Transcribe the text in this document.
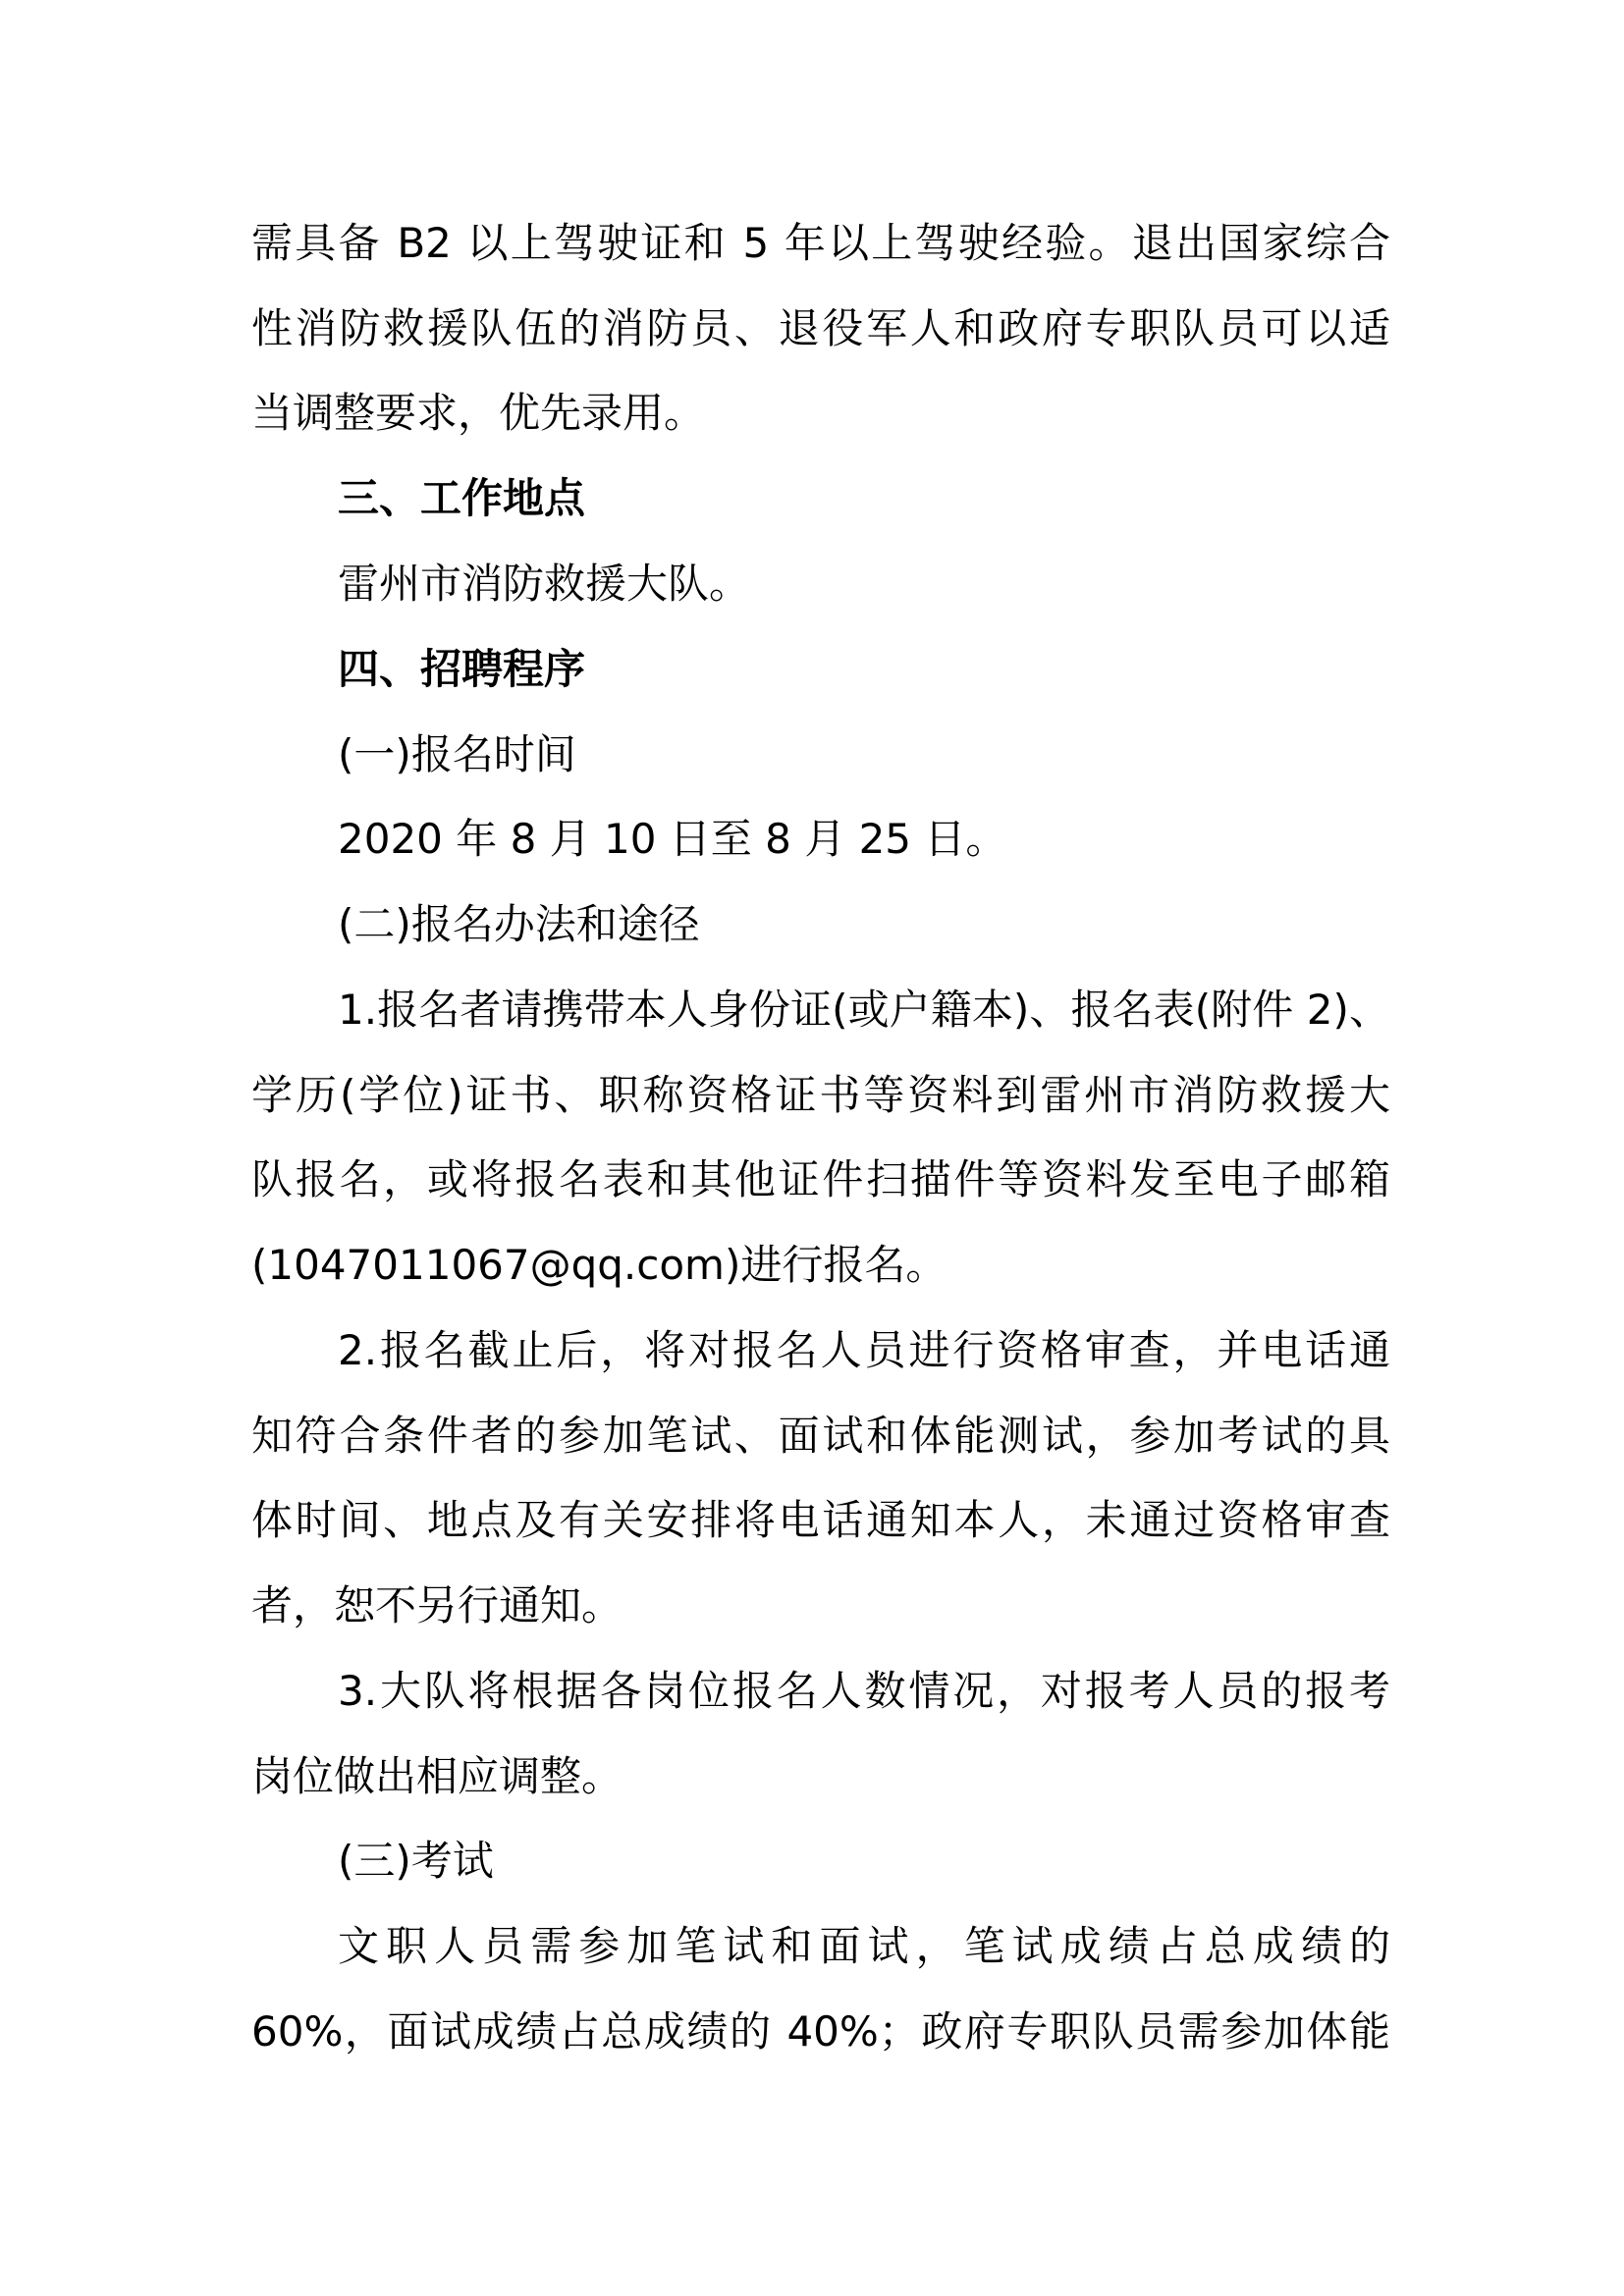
需具备 B2 以上驾驶证和 5 年以上驾驶经验。退出国家综合
性消防救援队伍的消防员、退役军人和政府专职队员可以适
当调整要求，优先录用。
三、工作地点
雷州市消防救援大队。
四、招聘程序
(一)报名时间
2020 年 8 月 10 日至 8 月 25 日。
(二)报名办法和途径
1.报名者请携带本人身份证(或户籍本)、报名表(附件 2)、
学历(学位)证书、职称资格证书等资料到雷州市消防救援大
队报名，或将报名表和其他证件扫描件等资料发至电子邮箱
(1047011067@qq.com)进行报名。
2.报名截止后，将对报名人员进行资格审查，并电话通
知符合条件者的参加笔试、面试和体能测试，参加考试的具
体时间、地点及有关安排将电话通知本人，未通过资格审查
者，恕不另行通知。
3.大队将根据各岗位报名人数情况，对报考人员的报考
岗位做出相应调整。
(三)考试
文职人员需参加笔试和面试，笔试成绩占总成绩的
60%，面试成绩占总成绩的 40%；政府专职队员需参加体能
